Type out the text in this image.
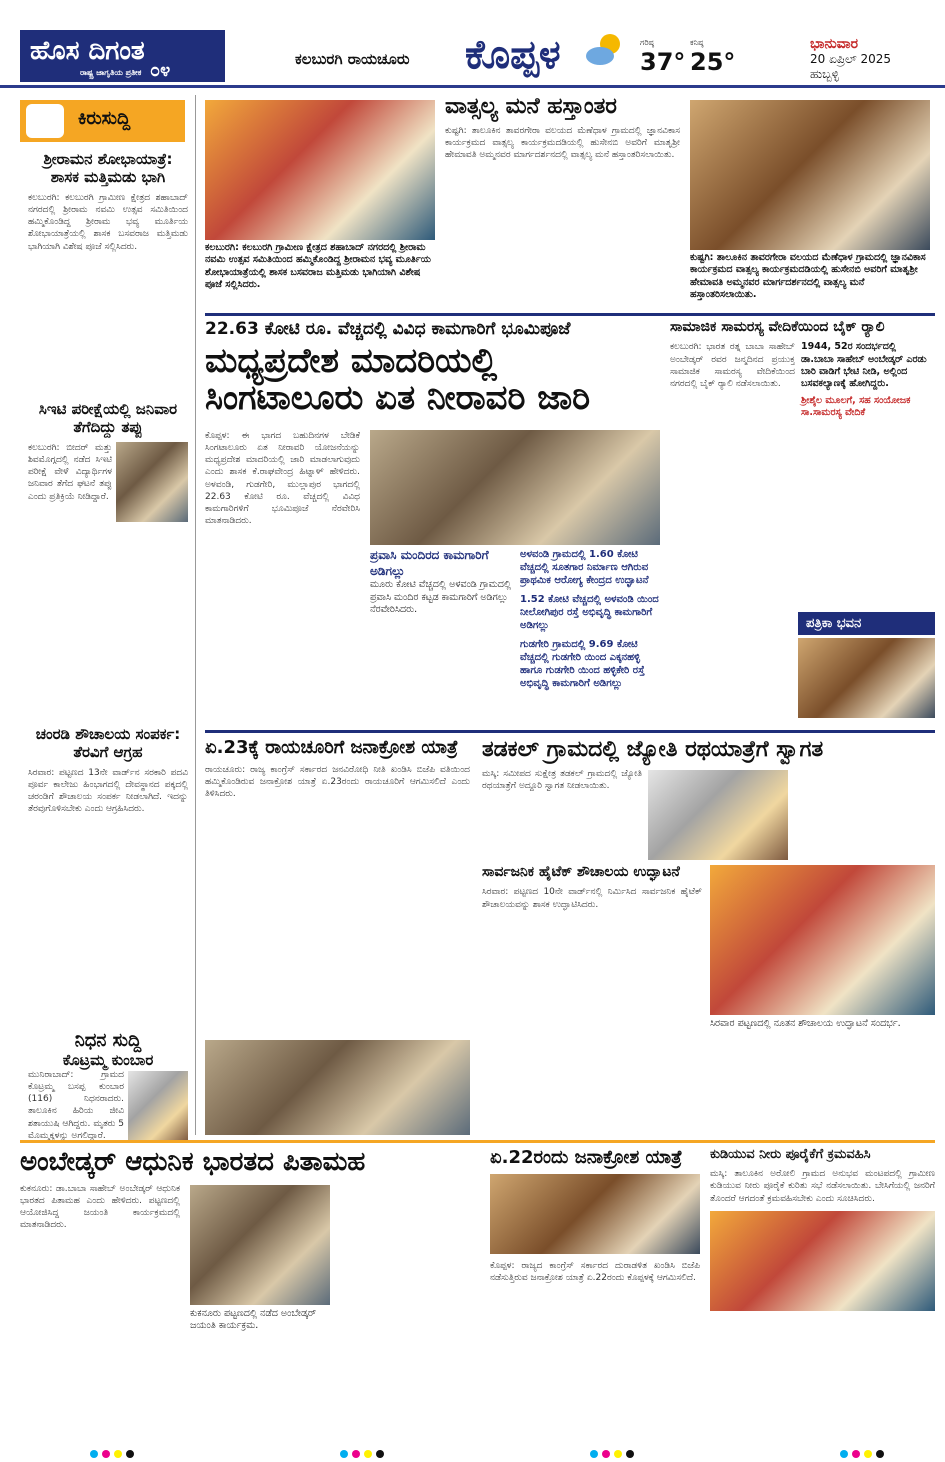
ಹೊಸ ದಿಗಂತ
ರಾಷ್ಟ್ರ ಜಾಗೃತಿಯ ಪ್ರತೀಕ ೦೪
ಕಲಬುರಗಿ ರಾಯಚೂರು ಕೊಪ್ಪಳ	ಗರಿಷ್ಠ
37°
ಕನಿಷ್ಠ
25°
ಭಾನುವಾರ
20 ಏಪ್ರಿಲ್ 2025
ಹುಬ್ಬಳ್ಳಿ
ಕಿರುಸುದ್ದಿ
ಶ್ರೀರಾಮನ ಶೋಭಾಯಾತ್ರೆ: ಶಾಸಕ ಮತ್ತಿಮಡು ಭಾಗಿ
ಕಲಬುರಗಿ: ಕಲಬುರಗಿ ಗ್ರಾಮೀಣ ಕ್ಷೇತ್ರದ ಶಹಾಬಾದ್ ನಗರದಲ್ಲಿ ಶ್ರೀರಾಮ ನವಮಿ ಉತ್ಸವ ಸಮಿತಿಯಿಂದ ಹಮ್ಮಿಕೊಂಡಿದ್ದ ಶ್ರೀರಾಮ ಭವ್ಯ ಮೂರ್ತಿಯ ಶೋಭಾಯಾತ್ರೆಯಲ್ಲಿ ಶಾಸಕ ಬಸವರಾಜ ಮತ್ತಿಮಡು ಭಾಗಿಯಾಗಿ ವಿಶೇಷ ಪೂಜೆ ಸಲ್ಲಿಸಿದರು.
ಸಿಇಟಿ ಪರೀಕ್ಷೆಯಲ್ಲಿ ಜನಿವಾರ ತೆಗೆದಿದ್ದು ತಪ್ಪು
ಕಲಬುರಗಿ: ಬೀದರ್ ಮತ್ತು ಶಿವಮೊಗ್ಗದಲ್ಲಿ ನಡೆದ ಸಿಇಟಿ ಪರೀಕ್ಷೆ ವೇಳೆ ವಿದ್ಯಾರ್ಥಿಗಳ ಜನಿವಾರ ತೆಗೆದ ಘಟನೆ ತಪ್ಪು ಎಂದು ಪ್ರತಿಕ್ರಿಯೆ ನೀಡಿದ್ದಾರೆ.
ಚಂರಡಿ ಶೌಚಾಲಯ ಸಂಪರ್ಕ: ತೆರವಿಗೆ ಆಗ್ರಹ
ಸಿರವಾರ: ಪಟ್ಟಣದ 13ನೇ ವಾರ್ಡ್‌ನ ಸರಕಾರಿ ಪದವಿ ಪೂರ್ವ ಕಾಲೇಜು ಹಿಂಭಾಗದಲ್ಲಿ ದೇವಸ್ಥಾನದ ಪಕ್ಕದಲ್ಲಿ ಚರಂಡಿಗೆ ಶೌಚಾಲಯ ಸಂಪರ್ಕ ನೀಡಲಾಗಿದೆ. ಇದನ್ನು ತೆರವುಗೊಳಿಸಬೇಕು ಎಂದು ಆಗ್ರಹಿಸಿದರು.
ನಿಧನ ಸುದ್ದಿ
ಕೊಟ್ರಮ್ಮ ಕುಂಬಾರ
ಮುನಿರಾಬಾದ್: ಗ್ರಾಮದ ಕೊಟ್ರಮ್ಮ ಬಸಪ್ಪ ಕುಂಬಾರ (116) ನಿಧನರಾದರು. ತಾಲೂಕಿನ ಹಿರಿಯ ಜೀವಿ ಶತಾಯುಷಿ ಆಗಿದ್ದರು. ಮೃತರು 5 ಮೊಮ್ಮಕ್ಕಳನ್ನು ಅಗಲಿದ್ದಾರೆ.
ಕಲಬುರಗಿ: ಕಲಬುರಗಿ ಗ್ರಾಮೀಣ ಕ್ಷೇತ್ರದ ಶಹಾಬಾದ್ ನಗರದಲ್ಲಿ ಶ್ರೀರಾಮ ನವಮಿ ಉತ್ಸವ ಸಮಿತಿಯಿಂದ ಹಮ್ಮಿಕೊಂಡಿದ್ದ ಶ್ರೀರಾಮನ ಭವ್ಯ ಮೂರ್ತಿಯ ಶೋಭಾಯಾತ್ರೆಯಲ್ಲಿ ಶಾಸಕ ಬಸವರಾಜ ಮತ್ತಿಮಡು ಭಾಗಿಯಾಗಿ ವಿಶೇಷ ಪೂಜೆ ಸಲ್ಲಿಸಿದರು.
ವಾತ್ಸಲ್ಯ ಮನೆ ಹಸ್ತಾಂತರ
ಕುಷ್ಟಗಿ: ತಾಲೂಕಿನ ತಾವರಗೇರಾ ವಲಯದ ಮೆಣೆಧಾಳ ಗ್ರಾಮದಲ್ಲಿ ಜ್ಞಾನವಿಕಾಸ ಕಾರ್ಯಕ್ರಮದ ವಾತ್ಸಲ್ಯ ಕಾರ್ಯಕ್ರಮದಡಿಯಲ್ಲಿ ಹುಸೇನಬಿ ಅವರಿಗೆ ಮಾತೃಶ್ರೀ ಹೇಮಾವತಿ ಅಮ್ಮನವರ ಮಾರ್ಗದರ್ಶನದಲ್ಲಿ ವಾತ್ಸಲ್ಯ ಮನೆ ಹಸ್ತಾಂತರಿಸಲಾಯಿತು.
ಕುಷ್ಟಗಿ: ತಾಲೂಕಿನ ತಾವರಗೇರಾ ವಲಯದ ಮೆಣೆಧಾಳ ಗ್ರಾಮದಲ್ಲಿ ಜ್ಞಾನವಿಕಾಸ ಕಾರ್ಯಕ್ರಮದ ವಾತ್ಸಲ್ಯ ಕಾರ್ಯಕ್ರಮದಡಿಯಲ್ಲಿ ಹುಸೇನಬಿ ಅವರಿಗೆ ಮಾತೃಶ್ರೀ ಹೇಮಾವತಿ ಅಮ್ಮನವರ ಮಾರ್ಗದರ್ಶನದಲ್ಲಿ ವಾತ್ಸಲ್ಯ ಮನೆ ಹಸ್ತಾಂತರಿಸಲಾಯಿತು.
22.63 ಕೋಟಿ ರೂ. ವೆಚ್ಚದಲ್ಲಿ ವಿವಿಧ ಕಾಮಗಾರಿಗೆ ಭೂಮಿಪೂಜೆ
ಮಧ್ಯಪ್ರದೇಶ ಮಾದರಿಯಲ್ಲಿ
ಸಿಂಗಟಾಲೂರು ಏತ ನೀರಾವರಿ ಜಾರಿ
ಕೊಪ್ಪಳ: ಈ ಭಾಗದ ಬಹುದಿನಗಳ ಬೇಡಿಕೆ ಸಿಂಗಟಾಲೂರು ಏತ ನೀರಾವರಿ ಯೋಜನೆಯನ್ನು ಮಧ್ಯಪ್ರದೇಶ ಮಾದರಿಯಲ್ಲಿ ಜಾರಿ ಮಾಡಲಾಗುವುದು ಎಂದು ಶಾಸಕ ಕೆ.ರಾಘವೇಂದ್ರ ಹಿಟ್ನಾಳ್ ಹೇಳಿದರು. ಅಳವಂಡಿ, ಗುಡಗೇರಿ, ಮುಲ್ಲಾಪುರ ಭಾಗದಲ್ಲಿ 22.63 ಕೋಟಿ ರೂ. ವೆಚ್ಚದಲ್ಲಿ ವಿವಿಧ ಕಾಮಗಾರಿಗಳಿಗೆ ಭೂಮಿಪೂಜೆ ನೆರವೇರಿಸಿ ಮಾತನಾಡಿದರು.
ಪ್ರವಾಸಿ ಮಂದಿರದ ಕಾಮಗಾರಿಗೆ ಅಡಿಗಲ್ಲು
ಮೂರು ಕೋಟಿ ವೆಚ್ಚದಲ್ಲಿ ಅಳವಂಡಿ ಗ್ರಾಮದಲ್ಲಿ ಪ್ರವಾಸಿ ಮಂದಿರ ಕಟ್ಟಡ ಕಾಮಗಾರಿಗೆ ಅಡಿಗಲ್ಲು ನೆರವೇರಿಸಿದರು.
ಅಳವಂಡಿ ಗ್ರಾಮದಲ್ಲಿ 1.60 ಕೋಟಿ ವೆಚ್ಚದಲ್ಲಿ ಸೂತಗಾರ ನಿರ್ಮಾಣ ಆಗಿರುವ ಪ್ರಾಥಮಿಕ ಆರೋಗ್ಯ ಕೇಂದ್ರದ ಉದ್ಘಾಟನೆ
1.52 ಕೋಟಿ ವೆಚ್ಚದಲ್ಲಿ ಅಳವಂಡಿ ಯಿಂದ ನೀಲೋಗಿಪುರ ರಸ್ತೆ ಅಭಿವೃದ್ಧಿ ಕಾಮಗಾರಿಗೆ ಅಡಿಗಲ್ಲು
ಗುಡಗೇರಿ ಗ್ರಾಮದಲ್ಲಿ 9.69 ಕೋಟಿ ವೆಚ್ಚದಲ್ಲಿ ಗುಡಗೇರಿ ಯಿಂದ ಎಕ್ಕನಹಳ್ಳಿ ಹಾಗೂ ಗುಡಗೇರಿ ಯಿಂದ ಹಳ್ಳಿಕೇರಿ ರಸ್ತೆ ಅಭಿವೃದ್ಧಿ ಕಾಮಗಾರಿಗೆ ಅಡಿಗಲ್ಲು
ಸಾಮಾಜಿಕ ಸಾಮರಸ್ಯ ವೇದಿಕೆಯಿಂದ ಬೈಕ್ ರ್‍ಯಾಲಿ
ಕಲಬುರಗಿ: ಭಾರತ ರತ್ನ ಬಾಬಾ ಸಾಹೇಬ್ ಅಂಬೇಡ್ಕರ್ ರವರ ಜನ್ಮದಿನದ ಪ್ರಯುಕ್ತ ಸಾಮಾಜಿಕ ಸಾಮರಸ್ಯ ವೇದಿಕೆಯಿಂದ ನಗರದಲ್ಲಿ ಬೈಕ್ ರ್‍ಯಾಲಿ ನಡೆಸಲಾಯಿತು.
1944, 52ರ ಸಂದರ್ಭದಲ್ಲಿ ಡಾ.ಬಾಬಾ ಸಾಹೇಬ್ ಅಂಬೇಡ್ಕರ್ ಎರಡು ಬಾರಿ ವಾಡಿಗೆ ಭೇಟಿ ನೀಡಿ, ಅಲ್ಲಿಂದ ಬಸವಕಲ್ಯಾಣಕ್ಕೆ ಹೋಗಿದ್ದರು.
ಶ್ರೀಶೈಲ ಮೂಲಗೆ, ಸಹ ಸಂಯೋಜಕ ಸಾ.ಸಾಮರಸ್ಯ ವೇದಿಕೆ
ಪತ್ರಿಕಾ ಭವನ
ಏ.23ಕ್ಕೆ ರಾಯಚೂರಿಗೆ ಜನಾಕ್ರೋಶ ಯಾತ್ರೆ
ರಾಯಚೂರು: ರಾಜ್ಯ ಕಾಂಗ್ರೆಸ್ ಸರ್ಕಾರದ ಜನವಿರೋಧಿ ನೀತಿ ಖಂಡಿಸಿ ಬಿಜೆಪಿ ವತಿಯಿಂದ ಹಮ್ಮಿಕೊಂಡಿರುವ ಜನಾಕ್ರೋಶ ಯಾತ್ರೆ ಏ.23ರಂದು ರಾಯಚೂರಿಗೆ ಆಗಮಿಸಲಿದೆ ಎಂದು ತಿಳಿಸಿದರು.
ತಡಕಲ್ ಗ್ರಾಮದಲ್ಲಿ ಜ್ಯೋತಿ ರಥಯಾತ್ರೆಗೆ ಸ್ವಾಗತ
ಮಸ್ಕಿ: ಸಮೀಪದ ಸುಕ್ಷೇತ್ರ ತಡಕಲ್ ಗ್ರಾಮದಲ್ಲಿ ಜ್ಯೋತಿ ರಥಯಾತ್ರೆಗೆ ಅದ್ದೂರಿ ಸ್ವಾಗತ ನೀಡಲಾಯಿತು.
ಸಾರ್ವಜನಿಕ ಹೈಟೆಕ್ ಶೌಚಾಲಯ ಉದ್ಘಾಟನೆ
ಸಿರವಾರ: ಪಟ್ಟಣದ 10ನೇ ವಾರ್ಡ್‌ನಲ್ಲಿ ನಿರ್ಮಿಸಿದ ಸಾರ್ವಜನಿಕ ಹೈಟೆಕ್ ಶೌಚಾಲಯವನ್ನು ಶಾಸಕ ಉದ್ಘಾಟಿಸಿದರು.
ಸಿರವಾರ ಪಟ್ಟಣದಲ್ಲಿ ನೂತನ ಶೌಚಾಲಯ ಉದ್ಘಾಟನೆ ಸಂದರ್ಭ.
ಅಂಬೇಡ್ಕರ್ ಆಧುನಿಕ ಭಾರತದ ಪಿತಾಮಹ
ಕುಕನೂರು: ಡಾ.ಬಾಬಾ ಸಾಹೇಬ್ ಅಂಬೇಡ್ಕರ್ ಆಧುನಿಕ ಭಾರತದ ಪಿತಾಮಹ ಎಂದು ಹೇಳಿದರು. ಪಟ್ಟಣದಲ್ಲಿ ಆಯೋಜಿಸಿದ್ದ ಜಯಂತಿ ಕಾರ್ಯಕ್ರಮದಲ್ಲಿ ಮಾತನಾಡಿದರು.
ಕುಕನೂರು ಪಟ್ಟಣದಲ್ಲಿ ನಡೆದ ಅಂಬೇಡ್ಕರ್ ಜಯಂತಿ ಕಾರ್ಯಕ್ರಮ.
ಏ.22ರಂದು ಜನಾಕ್ರೋಶ ಯಾತ್ರೆ
ಕೊಪ್ಪಳ: ರಾಜ್ಯದ ಕಾಂಗ್ರೆಸ್ ಸರ್ಕಾರದ ದುರಾಡಳಿತ ಖಂಡಿಸಿ ಬಿಜೆಪಿ ನಡೆಸುತ್ತಿರುವ ಜನಾಕ್ರೋಶ ಯಾತ್ರೆ ಏ.22ರಂದು ಕೊಪ್ಪಳಕ್ಕೆ ಆಗಮಿಸಲಿದೆ.
ಕುಡಿಯುವ ನೀರು ಪೂರೈಕೆಗೆ ಕ್ರಮವಹಿಸಿ
ಮಸ್ಕಿ: ತಾಲೂಕಿನ ಅರೋಲಿ ಗ್ರಾಮದ ಅನುಭವ ಮಂಟಪದಲ್ಲಿ ಗ್ರಾಮೀಣ ಕುಡಿಯುವ ನೀರು ಪೂರೈಕೆ ಕುರಿತು ಸಭೆ ನಡೆಸಲಾಯಿತು. ಬೇಸಿಗೆಯಲ್ಲಿ ಜನರಿಗೆ ತೊಂದರೆ ಆಗದಂತೆ ಕ್ರಮವಹಿಸಬೇಕು ಎಂದು ಸೂಚಿಸಿದರು.
